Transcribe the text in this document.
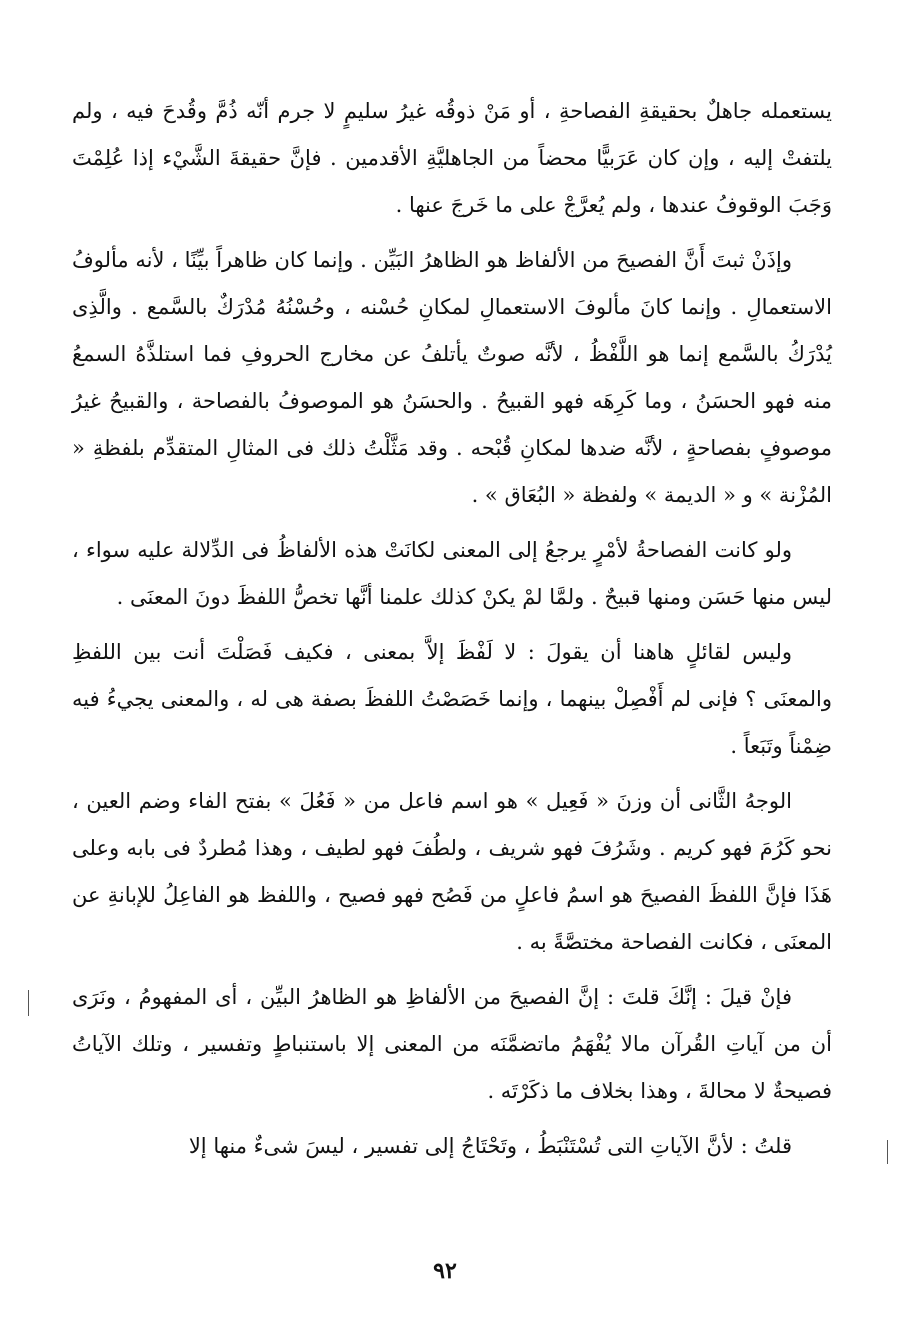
يستعمله جاهلٌ بحقيقةِ الفصاحةِ ، أو مَنْ ذوقُه غيرُ سليمٍ لا جرم أنّه ذُمَّ وقُدحَ فيه ، ولم يلتفتْ إليه ، وإن كان عَرَبيًّا محضاً من الجاهليَّةِ الأقدمين . فإنَّ حقيقةَ الشَّيْء إذا عُلِمْتَ وَجَبَ الوقوفُ عندها ، ولم يُعرَّجْ على ما خَرجَ عنها .

وإذَنْ ثبتَ أَنَّ الفصيحَ من الألفاظ هو الظاهرُ البَيِّن . وإنما كان ظاهراً بيِّنًا ، لأنه مألوفُ الاستعمالِ . وإنما كانَ مألوفَ الاستعمالِ لمكانِ حُسْنه ، وحُسْنُهُ مُدْرَكٌ بالسَّمع . والَّذِى يُدْرَكُ بالسَّمع إنما هو اللَّفْظُ ، لأنَّه صوتٌ يأتلفُ عن مخارج الحروفِ فما استلذَّهُ السمعُ منه فهو الحسَنُ ، وما كَرِهَه فهو القبيحُ . والحسَنُ هو الموصوفُ بالفصاحة ، والقبيحُ غيرُ موصوفٍ بفصاحةٍ ، لأنَّه ضدها لمكانِ قُبْحه . وقد مَثَّلْتُ ذلك فى المثالِ المتقدِّم بلفظةِ « المُزْنة » و « الديمة » ولفظة « البُعَاق » .

ولو كانت الفصاحةُ لأمْرٍ يرجعُ إلى المعنى لكانَتْ هذه الألفاظُ فى الدِّلالة عليه سواء ، ليس منها حَسَن ومنها قبيحٌ . ولمَّا لمْ يكنْ كذلك علمنا أنَّها تخصُّ اللفظَ دونَ المعنَى .

وليس لقائلٍ هاهنا أن يقولَ : لا لَفْظَ إلاَّ بمعنى ، فكيف فَصَلْتَ أنت بين اللفظِ والمعنَى ؟ فإنى لم أَفْصِلْ بينهما ، وإنما خَصَصْتُ اللفظَ بصفة هى له ، والمعنى يجيءُ فيه ضِمْناً وتَبَعاً .

الوجهُ الثَّانى أن وزنَ « فَعِيل » هو اسم فاعل من « فَعُلَ » بفتح الفاء وضم العين ، نحو كَرُمَ فهو كريم . وشَرُفَ فهو شريف ، ولطُفَ فهو لطيف ، وهذا مُطردٌ فى بابه وعلى هَذَا فإنَّ اللفظَ الفصيحَ هو اسمُ فاعلٍ من فَصُح فهو فصيح ، واللفظ هو الفاعِلُ للإبانةِ عن المعنَى ، فكانت الفصاحة مختصَّةً به .

فإنْ قيلَ : إنَّكَ قلتَ : إنَّ الفصيحَ من الألفاظِ هو الظاهرُ البيِّن ، أى المفهومُ ، ونَرَى أن من آياتِ القُرآن مالا يُفْهَمُ ماتضمَّنَه من المعنى إلا باستنباطٍ وتفسير ، وتلك الآياتُ فصيحةٌ لا محالةَ ، وهذا بخلاف ما ذكَرْتَه .

قلتُ : لأنَّ الآياتِ التى تُسْتَنْبَطُ ، وتَحْتَاجُ إلى تفسير ، ليسَ شىءٌ منها إلا

٩٢
